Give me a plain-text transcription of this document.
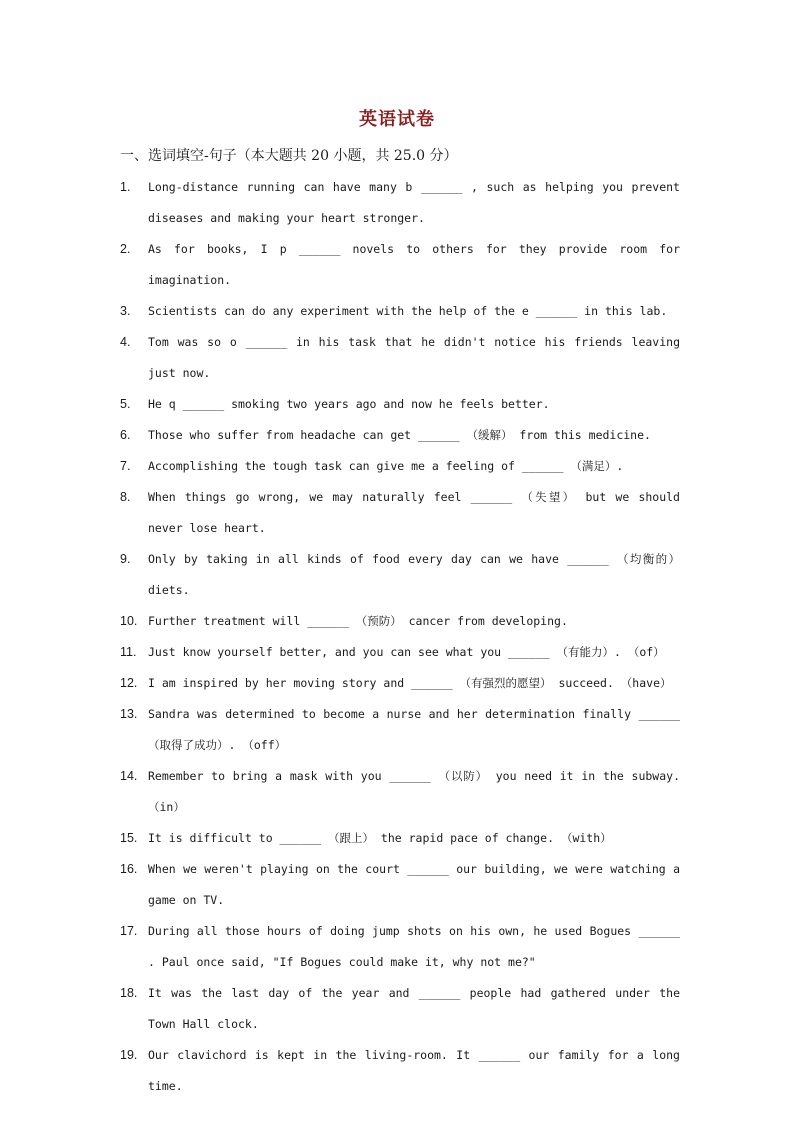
英语试卷
一、选词填空-句子（本大题共 20 小题，共 25.0 分）
1.	Long-distance running can have many b ______ , such as helping you prevent diseases and making your heart stronger.
2.	As for books, I p ______ novels to others for they provide room for imagination.
3.	Scientists can do any experiment with the help of the e ______ in this lab.
4.	Tom was so o ______ in his task that he didn't notice his friends leaving just now.
5.	He q ______ smoking two years ago and now he feels better.
6.	Those who suffer from headache can get ______ （缓解） from this medicine.
7.	Accomplishing the tough task can give me a feeling of ______ （满足）.
8.	When things go wrong, we may naturally feel ______ （失望） but we should never lose heart.
9.	Only by taking in all kinds of food every day can we have ______ （均衡的） diets.
10. Further treatment will ______ （预防） cancer from developing.
11.	Just know yourself better, and you can see what you ______ （有能力）. （of）
12. I am inspired by her moving story and ______ （有强烈的愿望） succeed. （have）
13. Sandra was determined to become a nurse and her determination finally ______ （取得了成功）. （off）
14. Remember to bring a mask with you ______ （以防） you need it in the subway. （in）
15. It is difficult to ______ （跟上） the rapid pace of change. （with）
16. When we weren't playing on the court ______ our building, we were watching a game on TV.
17. During all those hours of doing jump shots on his own, he used Bogues ______ . Paul once said, "If Bogues could make it, why not me?"
18. It was the last day of the year and ______ people had gathered under the Town Hall clock.
19. Our clavichord is kept in the living-room. It ______ our family for a long time.
